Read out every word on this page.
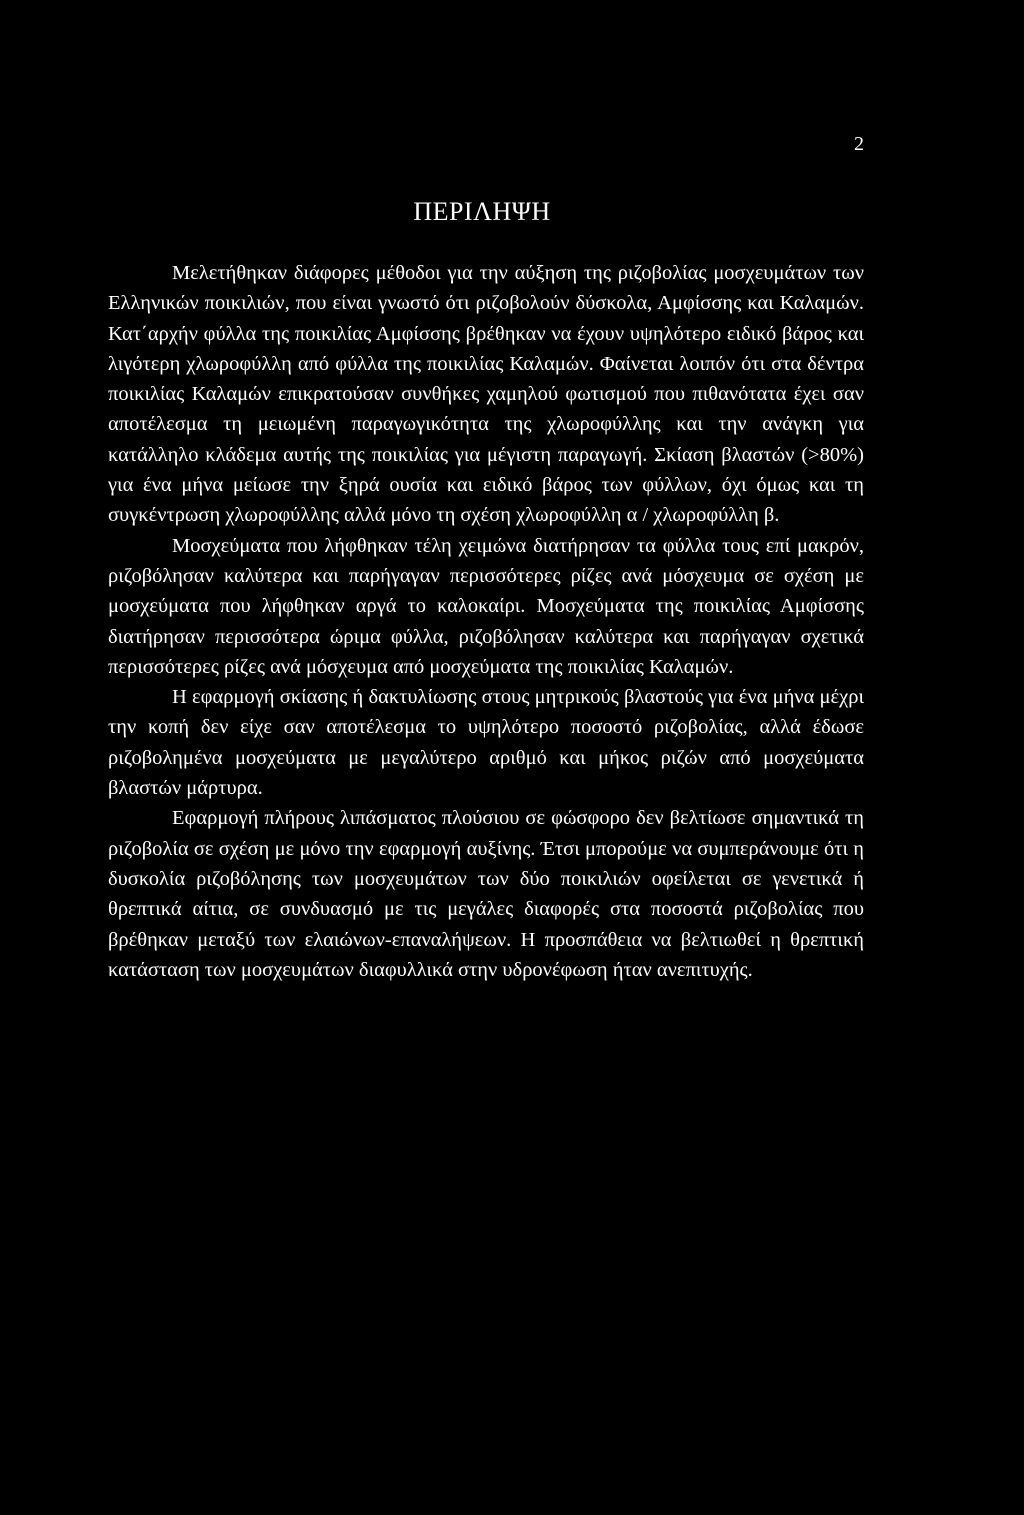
2
ΠΕΡΙΛΗΨΗ

Μελετήθηκαν διάφορες μέθοδοι για την αύξηση της ριζοβολίας μοσχευμάτων των Ελληνικών ποικιλιών, που είναι γνωστό ότι ριζοβολούν δύσκολα, Αμφίσσης και Καλαμών. Κατ΄αρχήν φύλλα της ποικιλίας Αμφίσσης βρέθηκαν να έχουν υψηλότερο ειδικό βάρος και λιγότερη χλωροφύλλη από φύλλα της ποικιλίας Καλαμών. Φαίνεται λοιπόν ότι στα δέντρα ποικιλίας Καλαμών επικρατούσαν συνθήκες χαμηλού φωτισμού που πιθανότατα έχει σαν αποτέλεσμα τη μειωμένη παραγωγικότητα της χλωροφύλλης και την ανάγκη για κατάλληλο κλάδεμα αυτής της ποικιλίας για μέγιστη παραγωγή. Σκίαση βλαστών (>80%) για ένα μήνα μείωσε την ξηρά ουσία και ειδικό βάρος των φύλλων, όχι όμως και τη συγκέντρωση χλωροφύλλης αλλά μόνο τη σχέση χλωροφύλλη α / χλωροφύλλη β.

Μοσχεύματα που λήφθηκαν τέλη χειμώνα διατήρησαν τα φύλλα τους επί μακρόν, ριζοβόλησαν καλύτερα και παρήγαγαν περισσότερες ρίζες ανά μόσχευμα σε σχέση με μοσχεύματα που λήφθηκαν αργά το καλοκαίρι. Μοσχεύματα της ποικιλίας Αμφίσσης διατήρησαν περισσότερα ώριμα φύλλα, ριζοβόλησαν καλύτερα και παρήγαγαν σχετικά περισσότερες ρίζες ανά μόσχευμα από μοσχεύματα της ποικιλίας Καλαμών.

Η εφαρμογή σκίασης ή δακτυλίωσης στους μητρικούς βλαστούς για ένα μήνα μέχρι την κοπή δεν είχε σαν αποτέλεσμα το υψηλότερο ποσοστό ριζοβολίας, αλλά έδωσε ριζοβολημένα μοσχεύματα με μεγαλύτερο αριθμό και μήκος ριζών από μοσχεύματα βλαστών μάρτυρα.

Εφαρμογή πλήρους λιπάσματος πλούσιου σε φώσφορο δεν βελτίωσε σημαντικά τη ριζοβολία σε σχέση με μόνο την εφαρμογή αυξίνης. Έτσι μπορούμε να συμπεράνουμε ότι η δυσκολία ριζοβόλησης των μοσχευμάτων των δύο ποικιλιών οφείλεται σε γενετικά ή θρεπτικά αίτια, σε συνδυασμό με τις μεγάλες διαφορές στα ποσοστά ριζοβολίας που βρέθηκαν μεταξύ των ελαιώνων-επαναλήψεων. Η προσπάθεια να βελτιωθεί η θρεπτική κατάσταση των μοσχευμάτων διαφυλλικά στην υδρονέφωση ήταν ανεπιτυχής.
